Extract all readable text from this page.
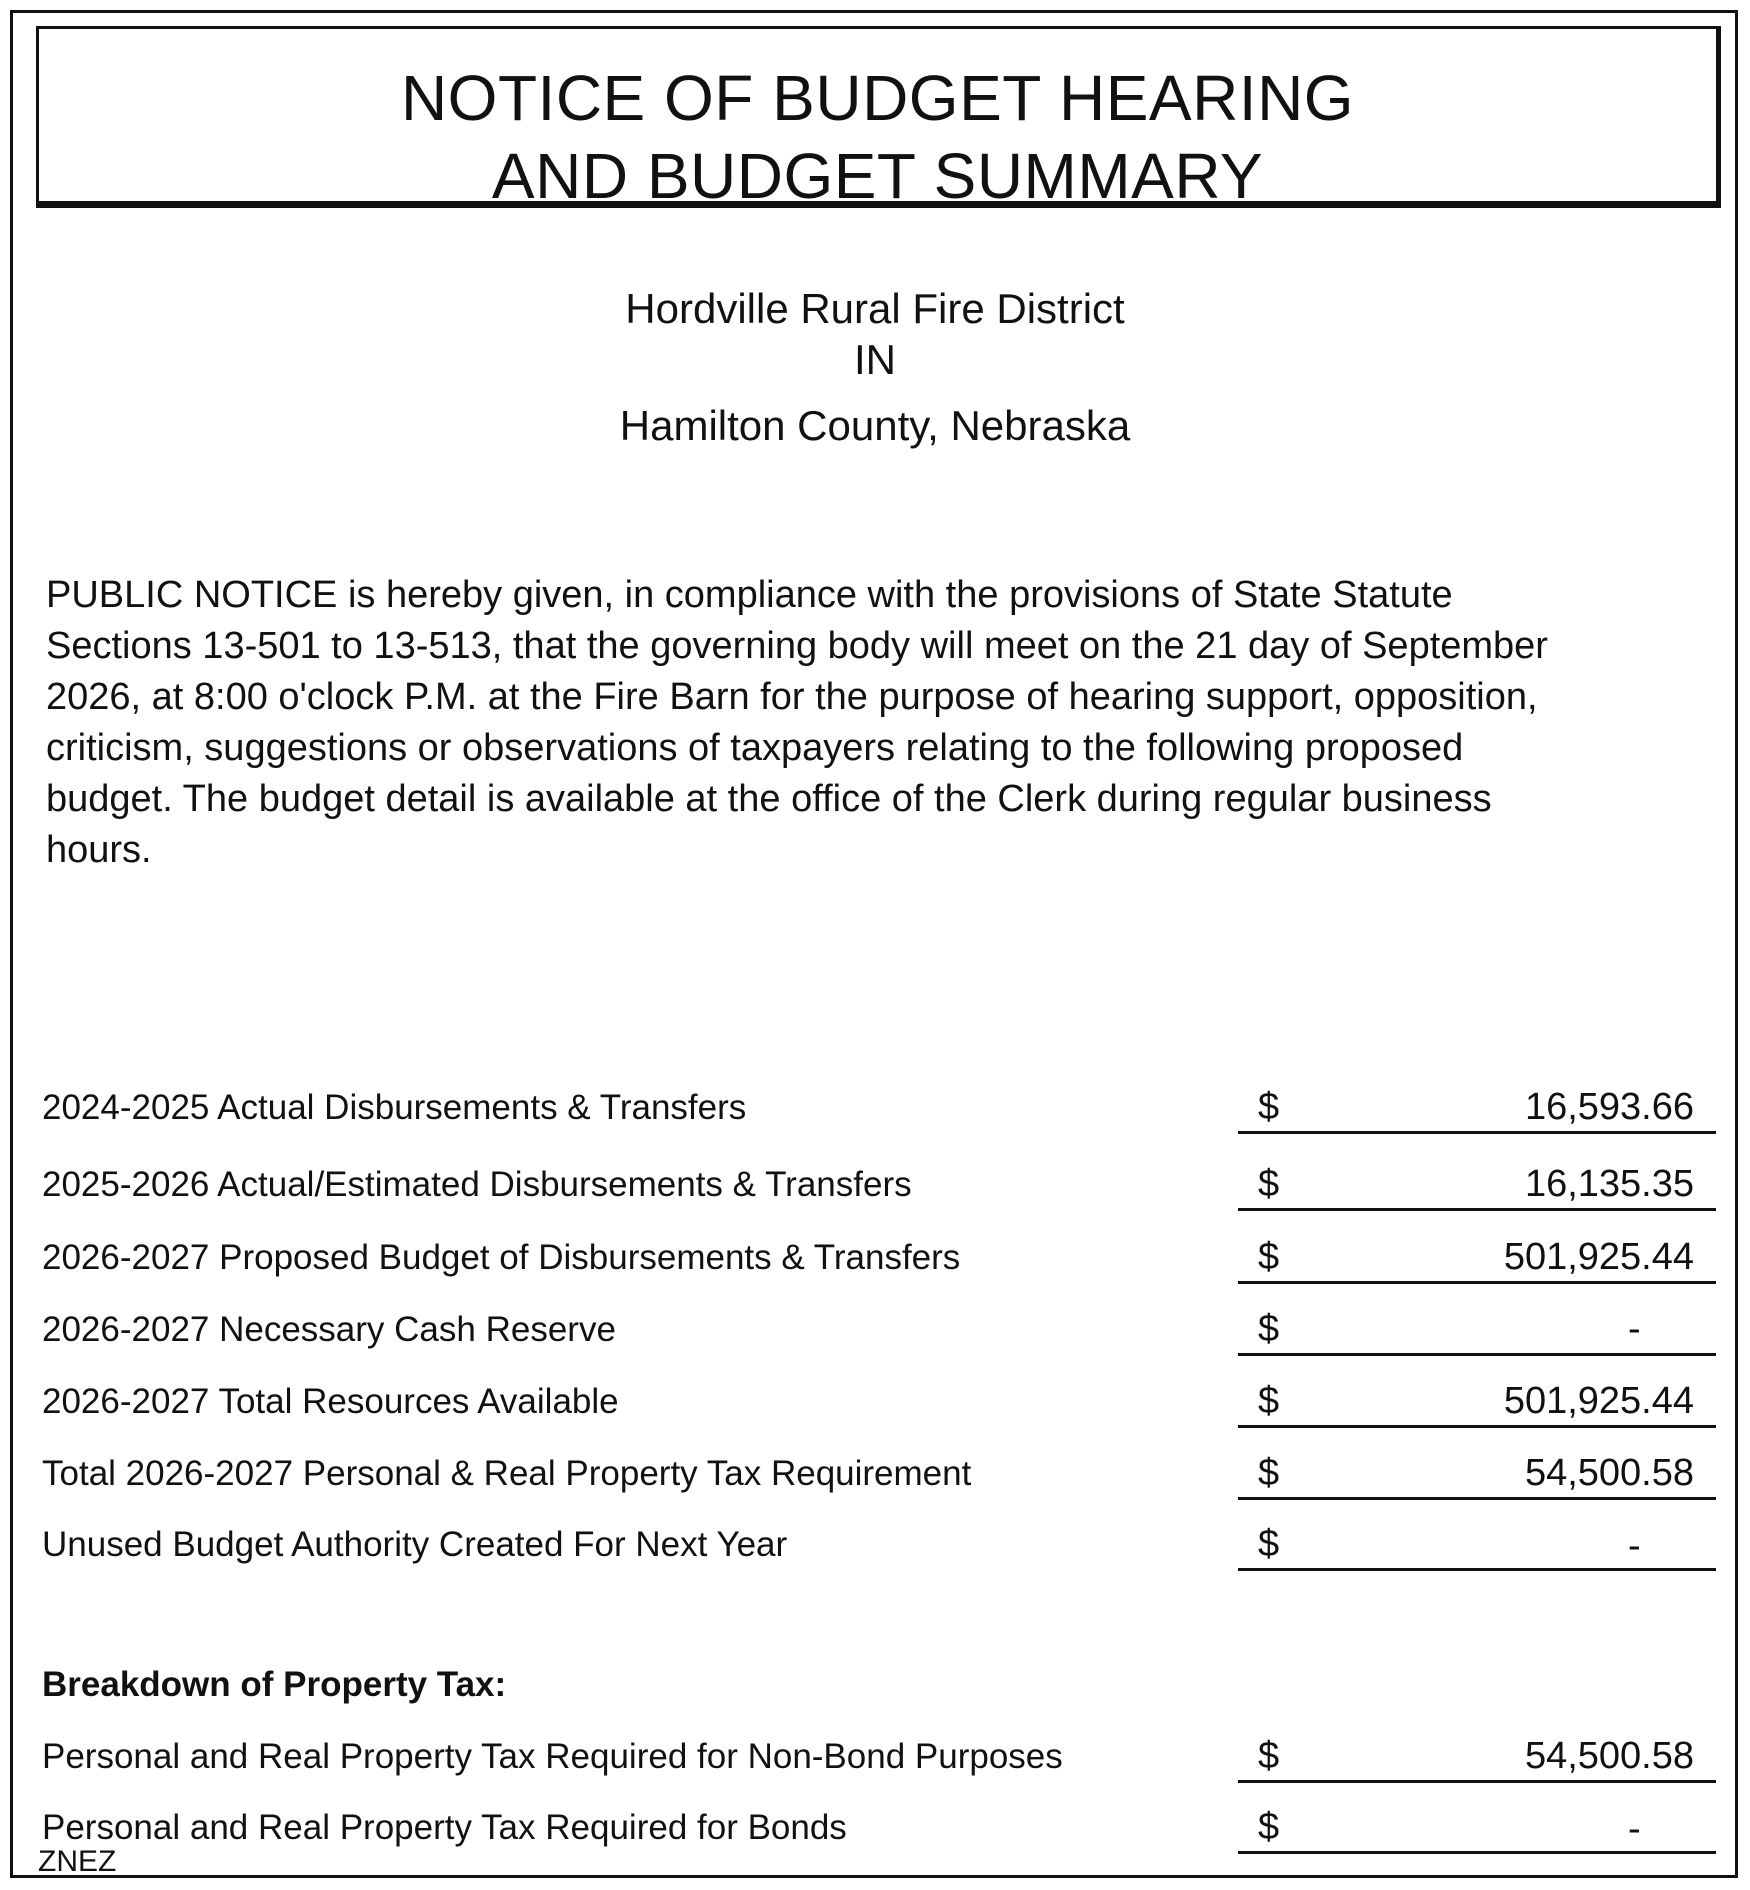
NOTICE OF BUDGET HEARING
AND BUDGET SUMMARY
Hordville Rural Fire District
IN
Hamilton County, Nebraska
PUBLIC NOTICE is hereby given, in compliance with the provisions of State Statute
Sections 13-501 to 13-513, that the governing body will meet on the 21 day of September
2026, at 8:00 o'clock P.M. at the Fire Barn for the purpose of hearing support, opposition,
criticism, suggestions or observations of taxpayers relating to the following proposed
budget. The budget detail is available at the office of the Clerk during regular business
hours.
2024-2025 Actual Disbursements & Transfers	$	16,593.66
2025-2026 Actual/Estimated Disbursements & Transfers	$	16,135.35
2026-2027 Proposed Budget of Disbursements & Transfers	$	501,925.44
2026-2027 Necessary Cash Reserve	$	-
2026-2027 Total Resources Available	$	501,925.44
Total 2026-2027 Personal & Real Property Tax Requirement	$	54,500.58
Unused Budget Authority Created For Next Year	$	-
Breakdown of Property Tax:
Personal and Real Property Tax Required for Non-Bond Purposes	$	54,500.58
Personal and Real Property Tax Required for Bonds	$	-
ZNEZ
